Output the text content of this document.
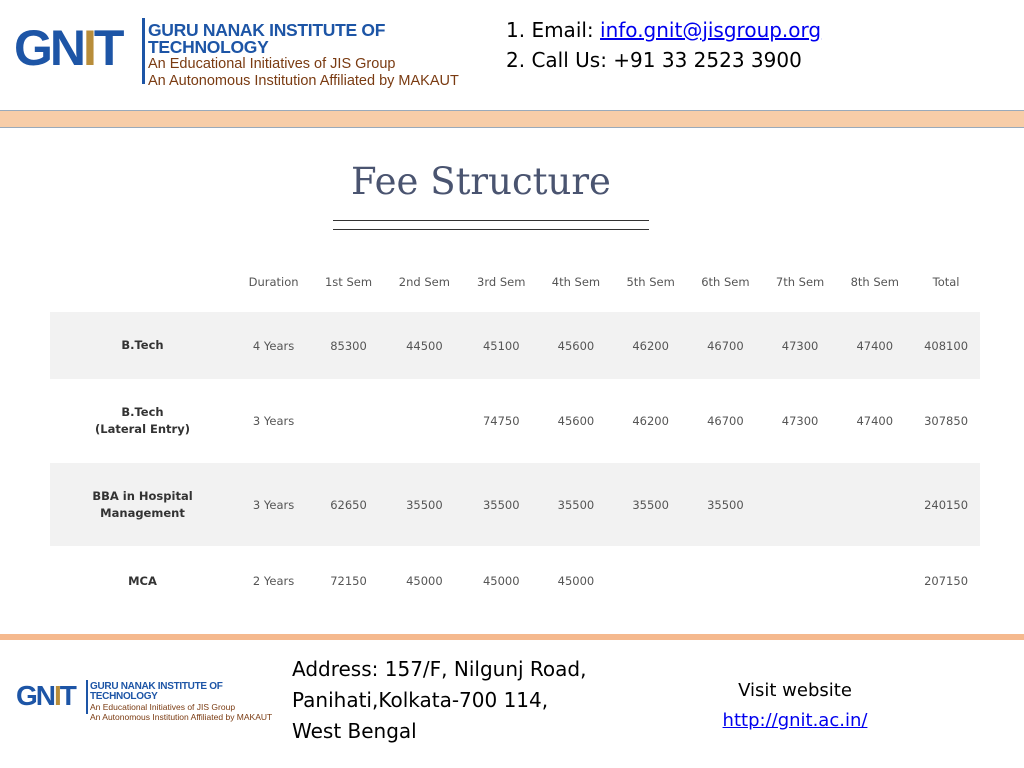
GNIT GURU NANAK INSTITUTE OF TECHNOLOGY
An Educational Initiatives of JIS Group
An Autonomous Institution Affiliated by MAKAUT
1. Email: info.gnit@jisgroup.org
2. Call Us: +91 33 2523 3900
Fee Structure
	Duration	1st Sem	2nd Sem	3rd Sem	4th Sem	5th Sem	6th Sem	7th Sem	8th Sem	Total
B.Tech	4 Years	85300	44500	45100	45600	46200	46700	47300	47400	408100

B.Tech
(Lateral Entry)	3 Years			74750	45600	46200	46700	47300	47400	307850

BBA in Hospital
Management	3 Years	62650	35500	35500	35500	35500	35500			240150
MCA	2 Years	72150	45000	45000	45000					207150
GNIT GURU NANAK INSTITUTE OF TECHNOLOGY
An Educational Initiatives of JIS Group
An Autonomous Institution Affiliated by MAKAUT
Address: 157/F, Nilgunj Road,
Panihati,Kolkata-700 114,
West Bengal
Visit website
http://gnit.ac.in/
